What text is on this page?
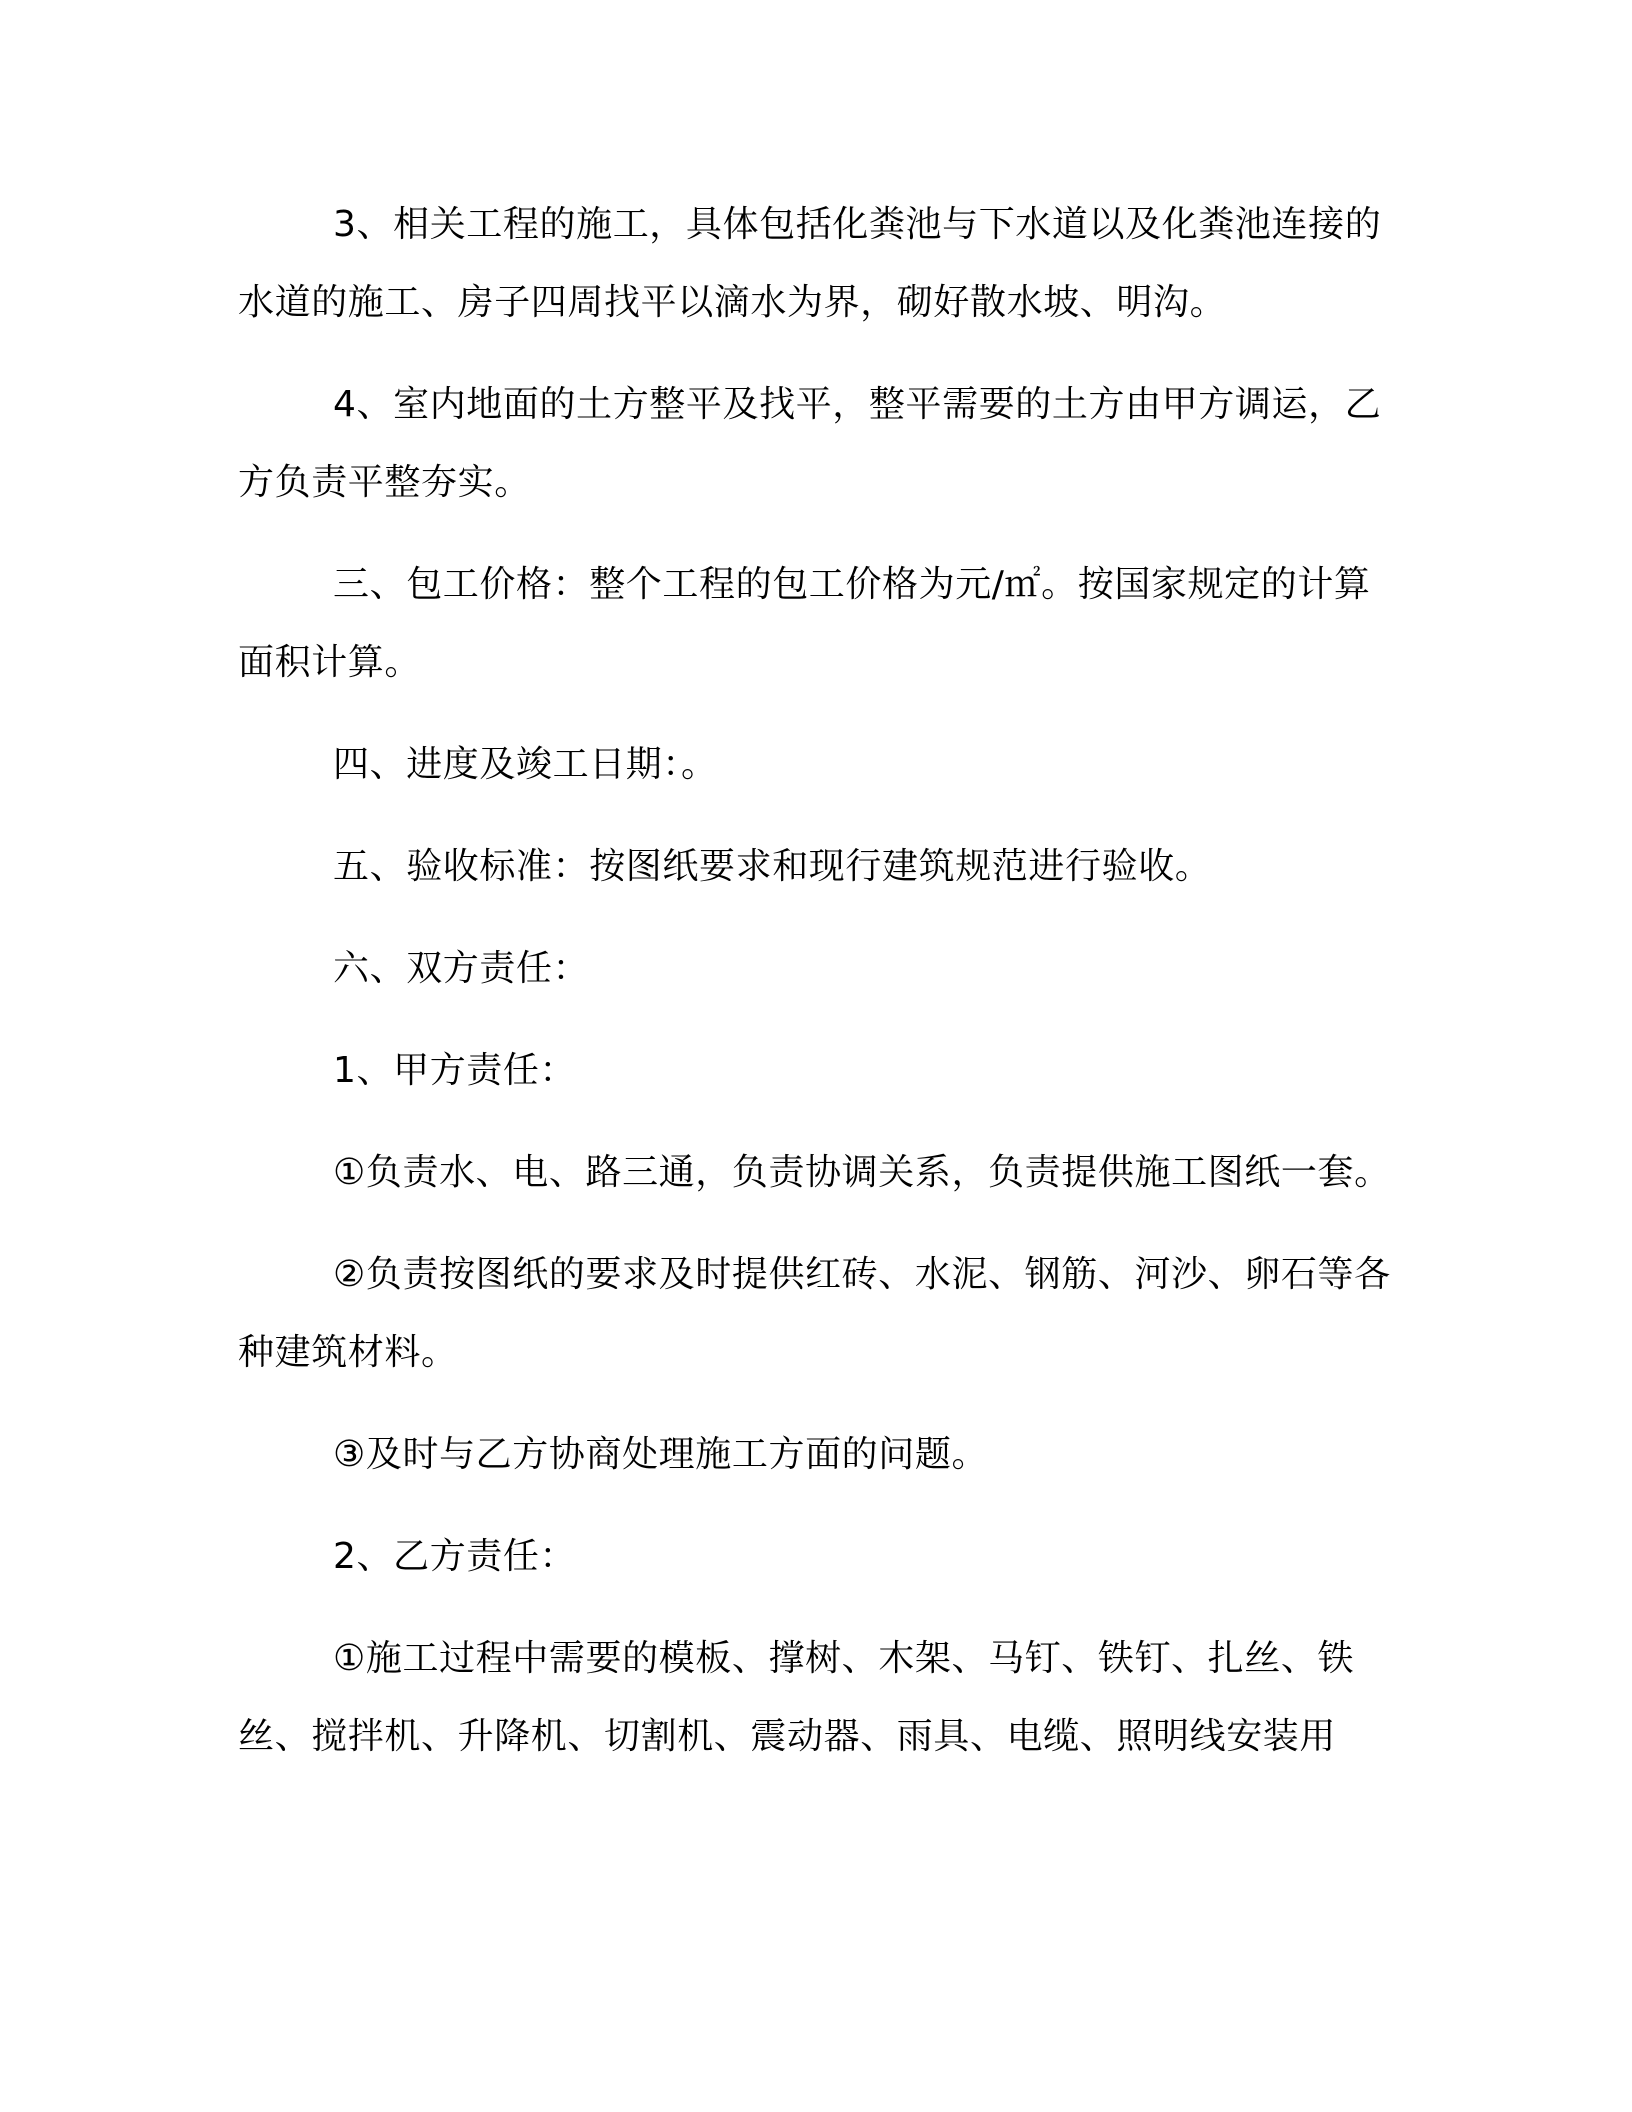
3、相关工程的施工，具体包括化粪池与下水道以及化粪池连接的水道的施工、房子四周找平以滴水为界，砌好散水坡、明沟。

4、室内地面的土方整平及找平，整平需要的土方由甲方调运，乙方负责平整夯实。

三、包工价格：整个工程的包工价格为元/㎡。按国家规定的计算面积计算。

四、进度及竣工日期：。

五、验收标准：按图纸要求和现行建筑规范进行验收。

六、双方责任：

1、甲方责任：

①负责水、电、路三通，负责协调关系，负责提供施工图纸一套。

②负责按图纸的要求及时提供红砖、水泥、钢筋、河沙、卵石等各种建筑材料。

③及时与乙方协商处理施工方面的问题。

2、乙方责任：

①施工过程中需要的模板、撑树、木架、马钉、铁钉、扎丝、铁丝、搅拌机、升降机、切割机、震动器、雨具、电缆、照明线安装用
